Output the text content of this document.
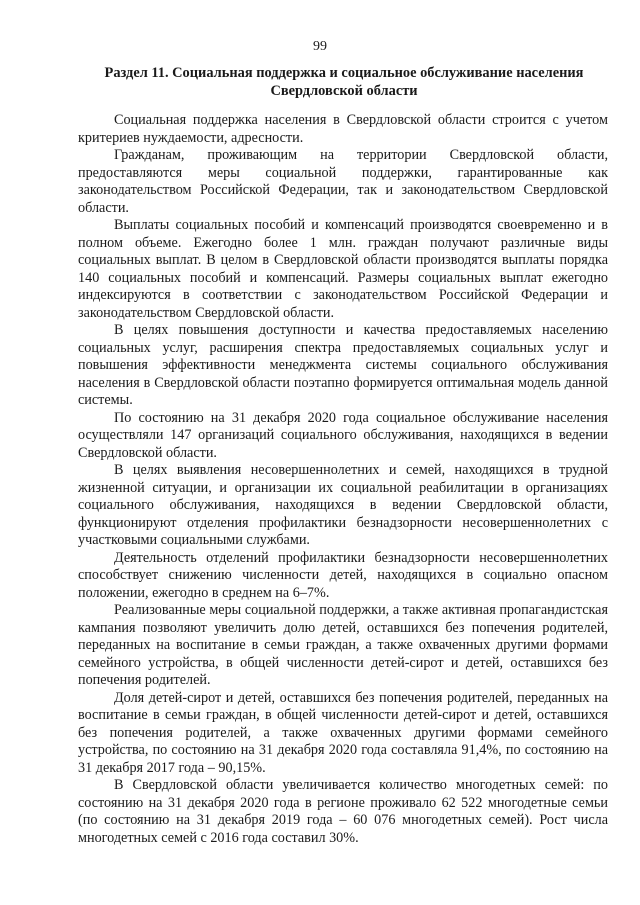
99
Раздел 11. Социальная поддержка и социальное обслуживание населения Свердловской области

Социальная поддержка населения в Свердловской области строится с учетом критериев нуждаемости, адресности.

Гражданам, проживающим на территории Свердловской области, предоставляются меры социальной поддержки, гарантированные как законодательством Российской Федерации, так и законодательством Свердловской области.

Выплаты социальных пособий и компенсаций производятся своевременно и в полном объеме. Ежегодно более 1 млн. граждан получают различные виды социальных выплат. В целом в Свердловской области производятся выплаты порядка 140 социальных пособий и компенсаций. Размеры социальных выплат ежегодно индексируются в соответствии с законодательством Российской Федерации и законодательством Свердловской области.

В целях повышения доступности и качества предоставляемых населению социальных услуг, расширения спектра предоставляемых социальных услуг и повышения эффективности менеджмента системы социального обслуживания населения в Свердловской области поэтапно формируется оптимальная модель данной системы.

По состоянию на 31 декабря 2020 года социальное обслуживание населения осуществляли 147 организаций социального обслуживания, находящихся в ведении Свердловской области.

В целях выявления несовершеннолетних и семей, находящихся в трудной жизненной ситуации, и организации их социальной реабилитации в организациях социального обслуживания, находящихся в ведении Свердловской области, функционируют отделения профилактики безнадзорности несовершеннолетних с участковыми социальными службами.

Деятельность отделений профилактики безнадзорности несовершеннолетних способствует снижению численности детей, находящихся в социально опасном положении, ежегодно в среднем на 6–7%.

Реализованные меры социальной поддержки, а также активная пропагандистская кампания позволяют увеличить долю детей, оставшихся без попечения родителей, переданных на воспитание в семьи граждан, а также охваченных другими формами семейного устройства, в общей численности детей-сирот и детей, оставшихся без попечения родителей.

Доля детей-сирот и детей, оставшихся без попечения родителей, переданных на воспитание в семьи граждан, в общей численности детей-сирот и детей, оставшихся без попечения родителей, а также охваченных другими формами семейного устройства, по состоянию на 31 декабря 2020 года составляла 91,4%, по состоянию на 31 декабря 2017 года – 90,15%.

В Свердловской области увеличивается количество многодетных семей: по состоянию на 31 декабря 2020 года в регионе проживало 62 522 многодетные семьи (по состоянию на 31 декабря 2019 года – 60 076 многодетных семей). Рост числа многодетных семей с 2016 года составил 30%.
